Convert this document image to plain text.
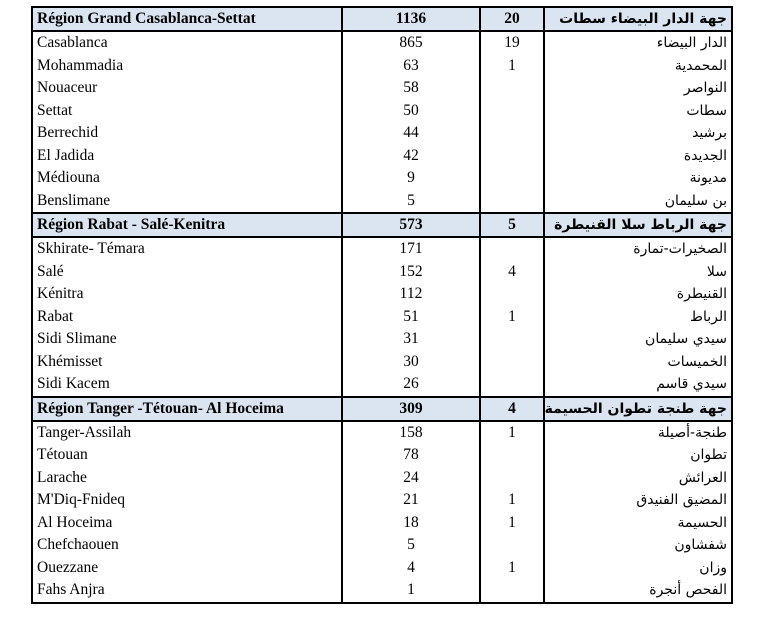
Région Grand Casablanca-Settat	1136	20	جهة الدار البيضاء سطات
Casablanca	865	19	الدار البيضاء
Mohammadia	63	1	المحمدية
Nouaceur	58		النواصر
Settat	50		سطات
Berrechid	44		برشيد
El Jadida	42		الجديدة
Médiouna	9		مديونة
Benslimane	5		بن سليمان
Région Rabat - Salé-Kenitra	573	5	جهة الرباط سلا القنيطرة
Skhirate- Témara	171		الصخيرات-تمارة
Salé	152	4	سلا
Kénitra	112		القنيطرة
Rabat	51	1	الرباط
Sidi Slimane	31		سيدي سليمان
Khémisset	30		الخميسات
Sidi Kacem	26		سيدي قاسم
Région Tanger -Tétouan- Al Hoceima	309	4	جهة طنجة تطوان الحسيمة
Tanger-Assilah	158	1	طنجة-أصيلة
Tétouan	78		تطوان
Larache	24		العرائش
M'Diq-Fnideq	21	1	المضيق الفنيدق
Al Hoceima	18	1	الحسيمة
Chefchaouen	5		شفشاون
Ouezzane	4	1	وزان
Fahs Anjra	1		الفحص أنجرة
